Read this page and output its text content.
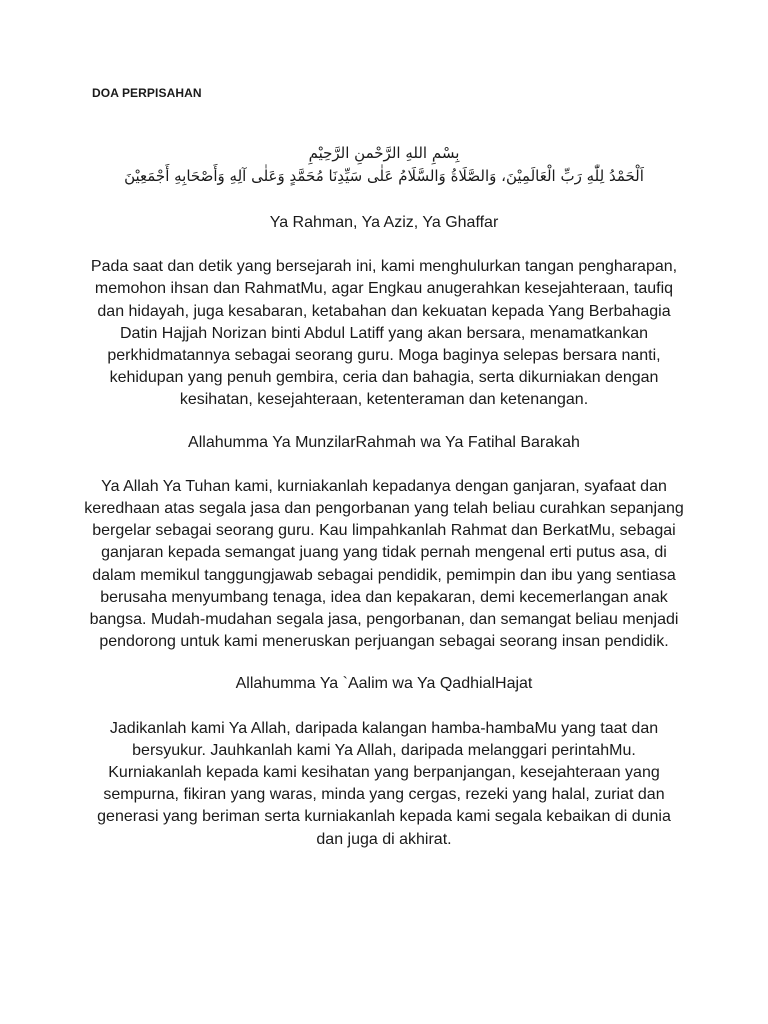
DOA PERPISAHAN
بِسْمِ اللهِ الرَّحْمنِ الرَّحِيْمِ
اَلْحَمْدُ لِلّٰهِ رَبِّ الْعَالَمِيْنَ، وَالصَّلَاةُ وَالسَّلَامُ عَلٰى سَيِّدِنَا مُحَمَّدٍ وَعَلٰى آلِهِ وَأَصْحَابِهِ أَجْمَعِيْنَ
Ya Rahman, Ya Aziz, Ya Ghaffar
Pada saat dan detik yang bersejarah ini, kami menghulurkan tangan pengharapan, memohon ihsan dan RahmatMu, agar Engkau anugerahkan kesejahteraan, taufiq dan hidayah, juga kesabaran, ketabahan dan kekuatan kepada Yang Berbahagia Datin Hajjah Norizan binti Abdul Latiff yang akan bersara, menamatkankan perkhidmatannya sebagai seorang guru. Moga baginya selepas bersara nanti, kehidupan yang penuh gembira, ceria dan bahagia, serta dikurniakan dengan kesihatan, kesejahteraan, ketenteraman dan ketenangan.
Allahumma Ya MunzilarRahmah wa Ya Fatihal Barakah
Ya Allah Ya Tuhan kami, kurniakanlah kepadanya dengan ganjaran, syafaat dan keredhaan atas segala jasa dan pengorbanan yang telah beliau curahkan sepanjang bergelar sebagai seorang guru. Kau limpahkanlah Rahmat dan BerkatMu, sebagai ganjaran kepada semangat juang yang tidak pernah mengenal erti putus asa, di dalam memikul tanggungjawab sebagai pendidik, pemimpin dan ibu yang sentiasa berusaha menyumbang tenaga, idea dan kepakaran, demi kecemerlangan anak bangsa. Mudah-mudahan segala jasa, pengorbanan, dan semangat beliau menjadi pendorong untuk kami meneruskan perjuangan sebagai seorang insan pendidik.
Allahumma Ya `Aalim wa Ya QadhialHajat
Jadikanlah kami Ya Allah, daripada kalangan hamba-hambaMu yang taat dan bersyukur. Jauhkanlah kami Ya Allah, daripada melanggari perintahMu. Kurniakanlah kepada kami kesihatan yang berpanjangan, kesejahteraan yang sempurna, fikiran yang waras, minda yang cergas, rezeki yang halal, zuriat dan generasi yang beriman serta kurniakanlah kepada kami segala kebaikan di dunia dan juga di akhirat.
